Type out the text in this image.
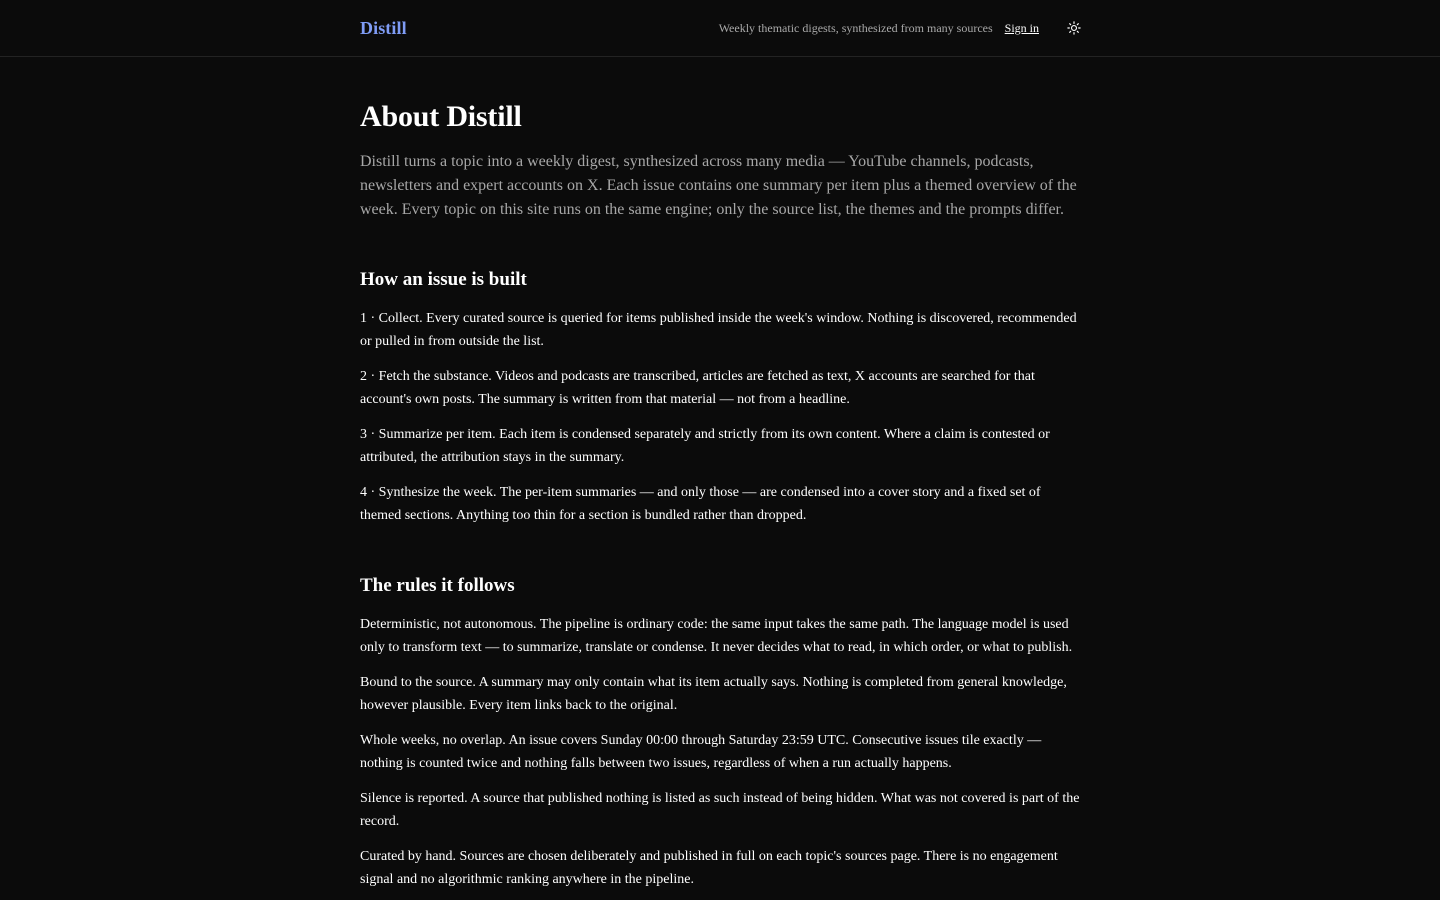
Distill	Weekly thematic digests, synthesized from many sources Sign in
About Distill

Distill turns a topic into a weekly digest, synthesized across many media — YouTube channels, podcasts, newsletters and expert accounts on X. Each issue contains one summary per item plus a themed overview of the week. Every topic on this site runs on the same engine; only the source list, the themes and the prompts differ.

How an issue is built

1 · Collect. Every curated source is queried for items published inside the week's window. Nothing is discovered, recommended or pulled in from outside the list.

2 · Fetch the substance. Videos and podcasts are transcribed, articles are fetched as text, X accounts are searched for that account's own posts. The summary is written from that material — not from a headline.

3 · Summarize per item. Each item is condensed separately and strictly from its own content. Where a claim is contested or attributed, the attribution stays in the summary.

4 · Synthesize the week. The per-item summaries — and only those — are condensed into a cover story and a fixed set of themed sections. Anything too thin for a section is bundled rather than dropped.

The rules it follows

Deterministic, not autonomous. The pipeline is ordinary code: the same input takes the same path. The language model is used only to transform text — to summarize, translate or condense. It never decides what to read, in which order, or what to publish.

Bound to the source. A summary may only contain what its item actually says. Nothing is completed from general knowledge, however plausible. Every item links back to the original.

Whole weeks, no overlap. An issue covers Sunday 00:00 through Saturday 23:59 UTC. Consecutive issues tile exactly — nothing is counted twice and nothing falls between two issues, regardless of when a run actually happens.

Silence is reported. A source that published nothing is listed as such instead of being hidden. What was not covered is part of the record.

Curated by hand. Sources are chosen deliberately and published in full on each topic's sources page. There is no engagement signal and no algorithmic ranking anywhere in the pipeline.
